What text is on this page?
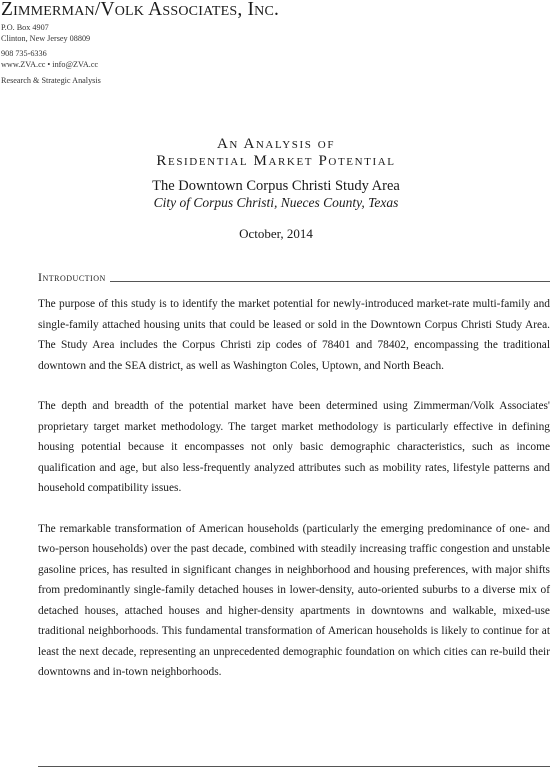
Zimmerman/Volk Associates, Inc.

P.O. Box 4907

Clinton, New Jersey 08809

908 735-6336

www.ZVA.cc • info@ZVA.cc

Research & Strategic Analysis

An Analysis of

Residential Market Potential

The Downtown Corpus Christi Study Area

City of Corpus Christi, Nueces County, Texas

October, 2014

Introduction

The purpose of this study is to identify the market potential for newly-introduced market-rate multi-family and single-family attached housing units that could be leased or sold in the Downtown Corpus Christi Study Area. The Study Area includes the Corpus Christi zip codes of 78401 and 78402, encompassing the traditional downtown and the SEA district, as well as Washington Coles, Uptown, and North Beach.

The depth and breadth of the potential market have been determined using Zimmerman/Volk Associates' proprietary target market methodology. The target market methodology is particularly effective in defining housing potential because it encompasses not only basic demographic characteristics, such as income qualification and age, but also less-frequently analyzed attributes such as mobility rates, lifestyle patterns and household compatibility issues.

The remarkable transformation of American households (particularly the emerging predominance of one- and two-person households) over the past decade, combined with steadily increasing traffic congestion and unstable gasoline prices, has resulted in significant changes in neighborhood and housing preferences, with major shifts from predominantly single-family detached houses in lower-density, auto-oriented suburbs to a diverse mix of detached houses, attached houses and higher-density apartments in downtowns and walkable, mixed-use traditional neighborhoods. This fundamental transformation of American households is likely to continue for at least the next decade, representing an unprecedented demographic foundation on which cities can re-build their downtowns and in-town neighborhoods.
